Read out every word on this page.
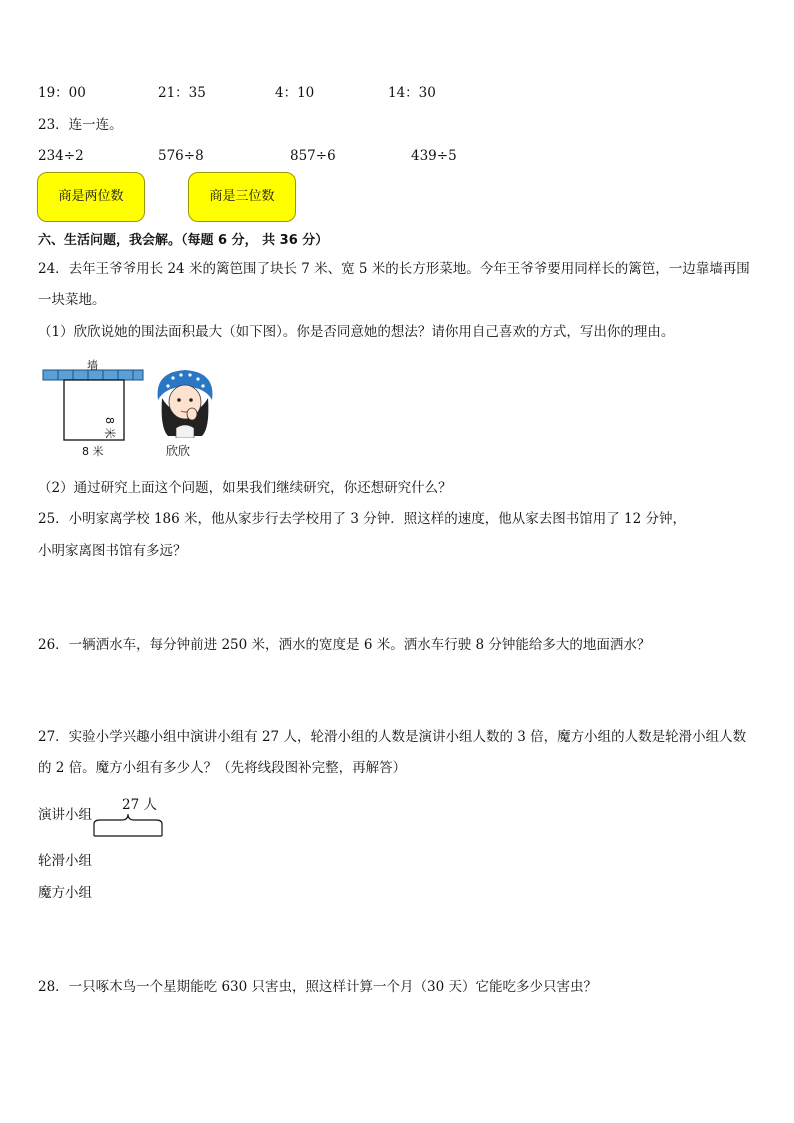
19：00	21：35	4：10	14：30
23．连一连。
234÷2	576÷8	857÷6	439÷5
商是两位数	商是三位数
六、生活问题，我会解。（每题 6 分， 共 36 分）
24．去年王爷爷用长 24 米的篱笆围了块长 7 米、宽 5 米的长方形菜地。今年王爷爷要用同样长的篱笆，一边靠墙再围
一块菜地。
（1）欣欣说她的围法面积最大（如下图）。你是否同意她的想法？请你用自己喜欢的方式，写出你的理由。
墙
8 米
8 米	欣欣
（2）通过研究上面这个问题，如果我们继续研究，你还想研究什么？
25．小明家离学校 186 米，他从家步行去学校用了 3 分钟．照这样的速度，他从家去图书馆用了 12 分钟，
小明家离图书馆有多远？
26．一辆洒水车，每分钟前进 250 米，洒水的宽度是 6 米。洒水车行驶 8 分钟能给多大的地面洒水？
27．实验小学兴趣小组中演讲小组有 27 人，轮滑小组的人数是演讲小组人数的 3 倍，魔方小组的人数是轮滑小组人数
的 2 倍。魔方小组有多少人？（先将线段图补完整，再解答）
27 人
演讲小组
轮滑小组
魔方小组
28．一只啄木鸟一个星期能吃 630 只害虫，照这样计算一个月（30 天）它能吃多少只害虫？
